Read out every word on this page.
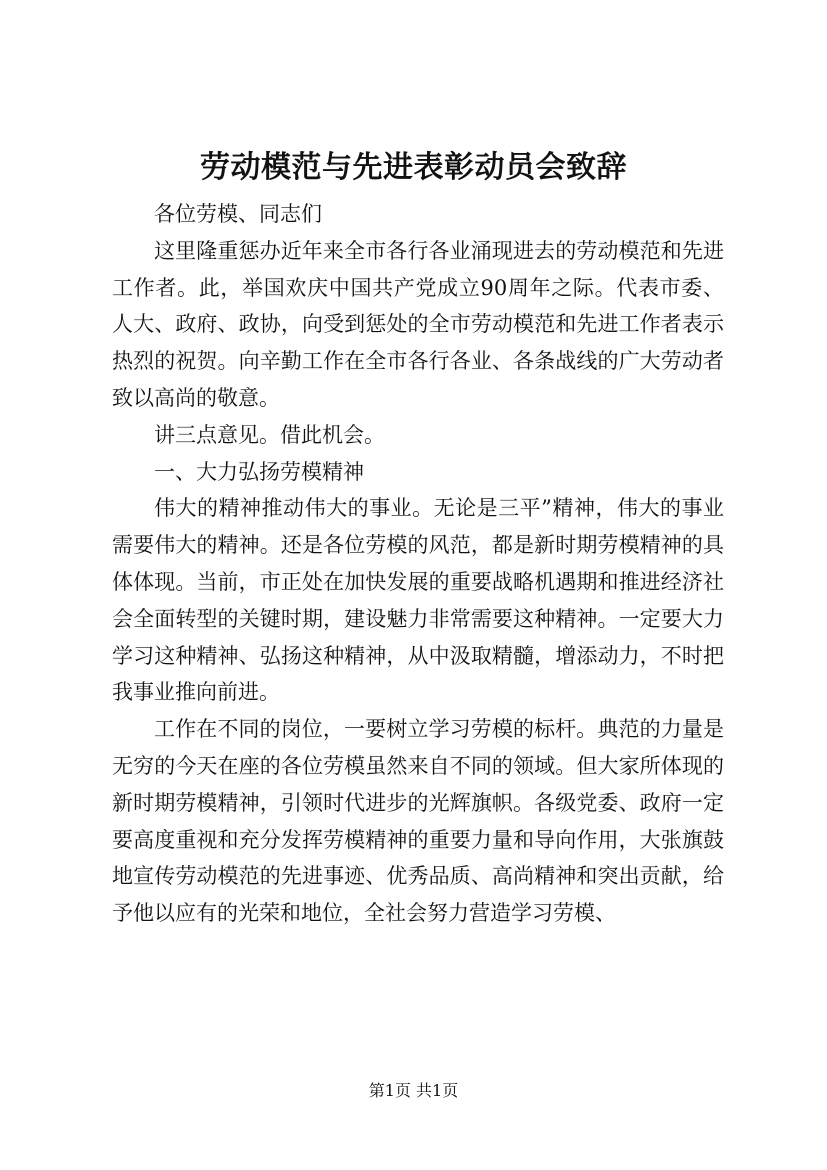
劳动模范与先进表彰动员会致辞

各位劳模、同志们

这里隆重惩办近年来全市各行各业涌现进去的劳动模范和先进工作者。此，举国欢庆中国共产党成立90周年之际。代表市委、人大、政府、政协，向受到惩处的全市劳动模范和先进工作者表示热烈的祝贺。向辛勤工作在全市各行各业、各条战线的广大劳动者致以高尚的敬意。

讲三点意见。借此机会。

一、大力弘扬劳模精神

伟大的精神推动伟大的事业。无论是三平”精神，伟大的事业需要伟大的精神。还是各位劳模的风范，都是新时期劳模精神的具体体现。当前，市正处在加快发展的重要战略机遇期和推进经济社会全面转型的关键时期，建设魅力非常需要这种精神。一定要大力学习这种精神、弘扬这种精神，从中汲取精髓，增添动力，不时把我事业推向前进。

工作在不同的岗位，一要树立学习劳模的标杆。典范的力量是无穷的今天在座的各位劳模虽然来自不同的领域。但大家所体现的新时期劳模精神，引领时代进步的光辉旗帜。各级党委、政府一定要高度重视和充分发挥劳模精神的重要力量和导向作用，大张旗鼓地宣传劳动模范的先进事迹、优秀品质、高尚精神和突出贡献，给予他以应有的光荣和地位，全社会努力营造学习劳模、

第1页 共1页
